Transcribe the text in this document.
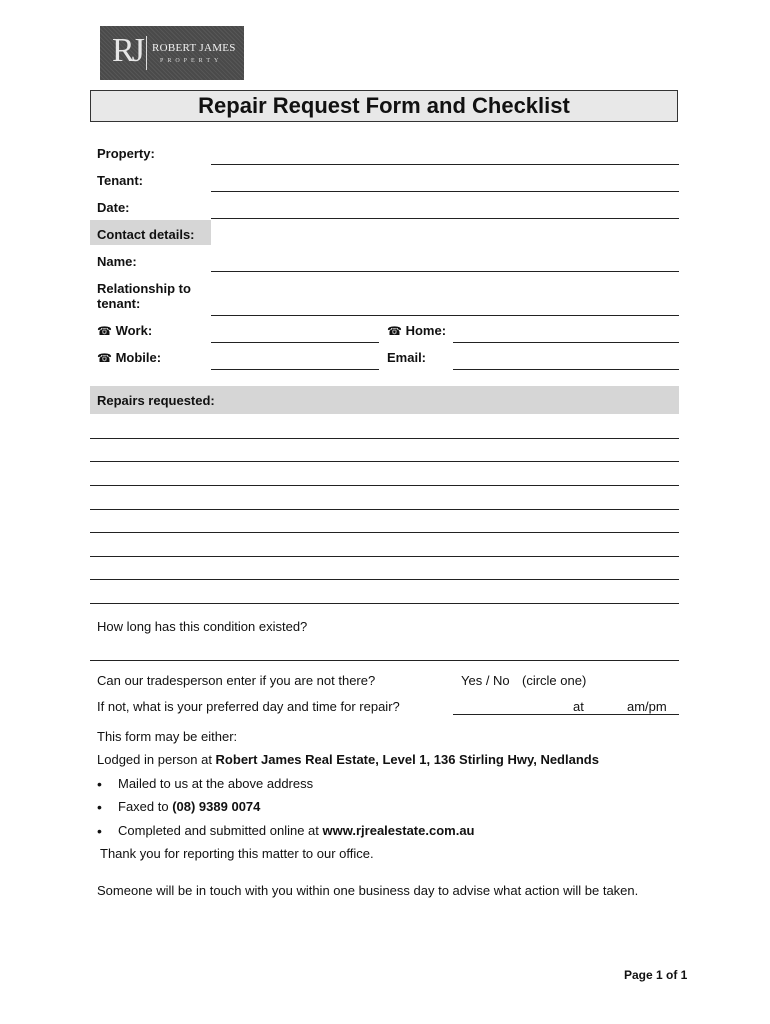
RJ ROBERT JAMES
PROPERTY
Repair Request Form and Checklist
Property:
Tenant:
Date:
Contact details:
Name:
Relationship to
tenant:
☎ Work:	☎ Home:
☎ Mobile:	Email:
Repairs requested:
How long has this condition existed?
Can our tradesperson enter if you are not there?	Yes / No (circle one)
If not, what is your preferred day and time for repair?	at	am/pm
This form may be either:
Lodged in person at Robert James Real Estate, Level 1, 136 Stirling Hwy, Nedlands
• Mailed to us at the above address
• Faxed to (08) 9389 0074
• Completed and submitted online at www.rjrealestate.com.au
Thank you for reporting this matter to our office.
Someone will be in touch with you within one business day to advise what action will be taken.
Page 1 of 1
